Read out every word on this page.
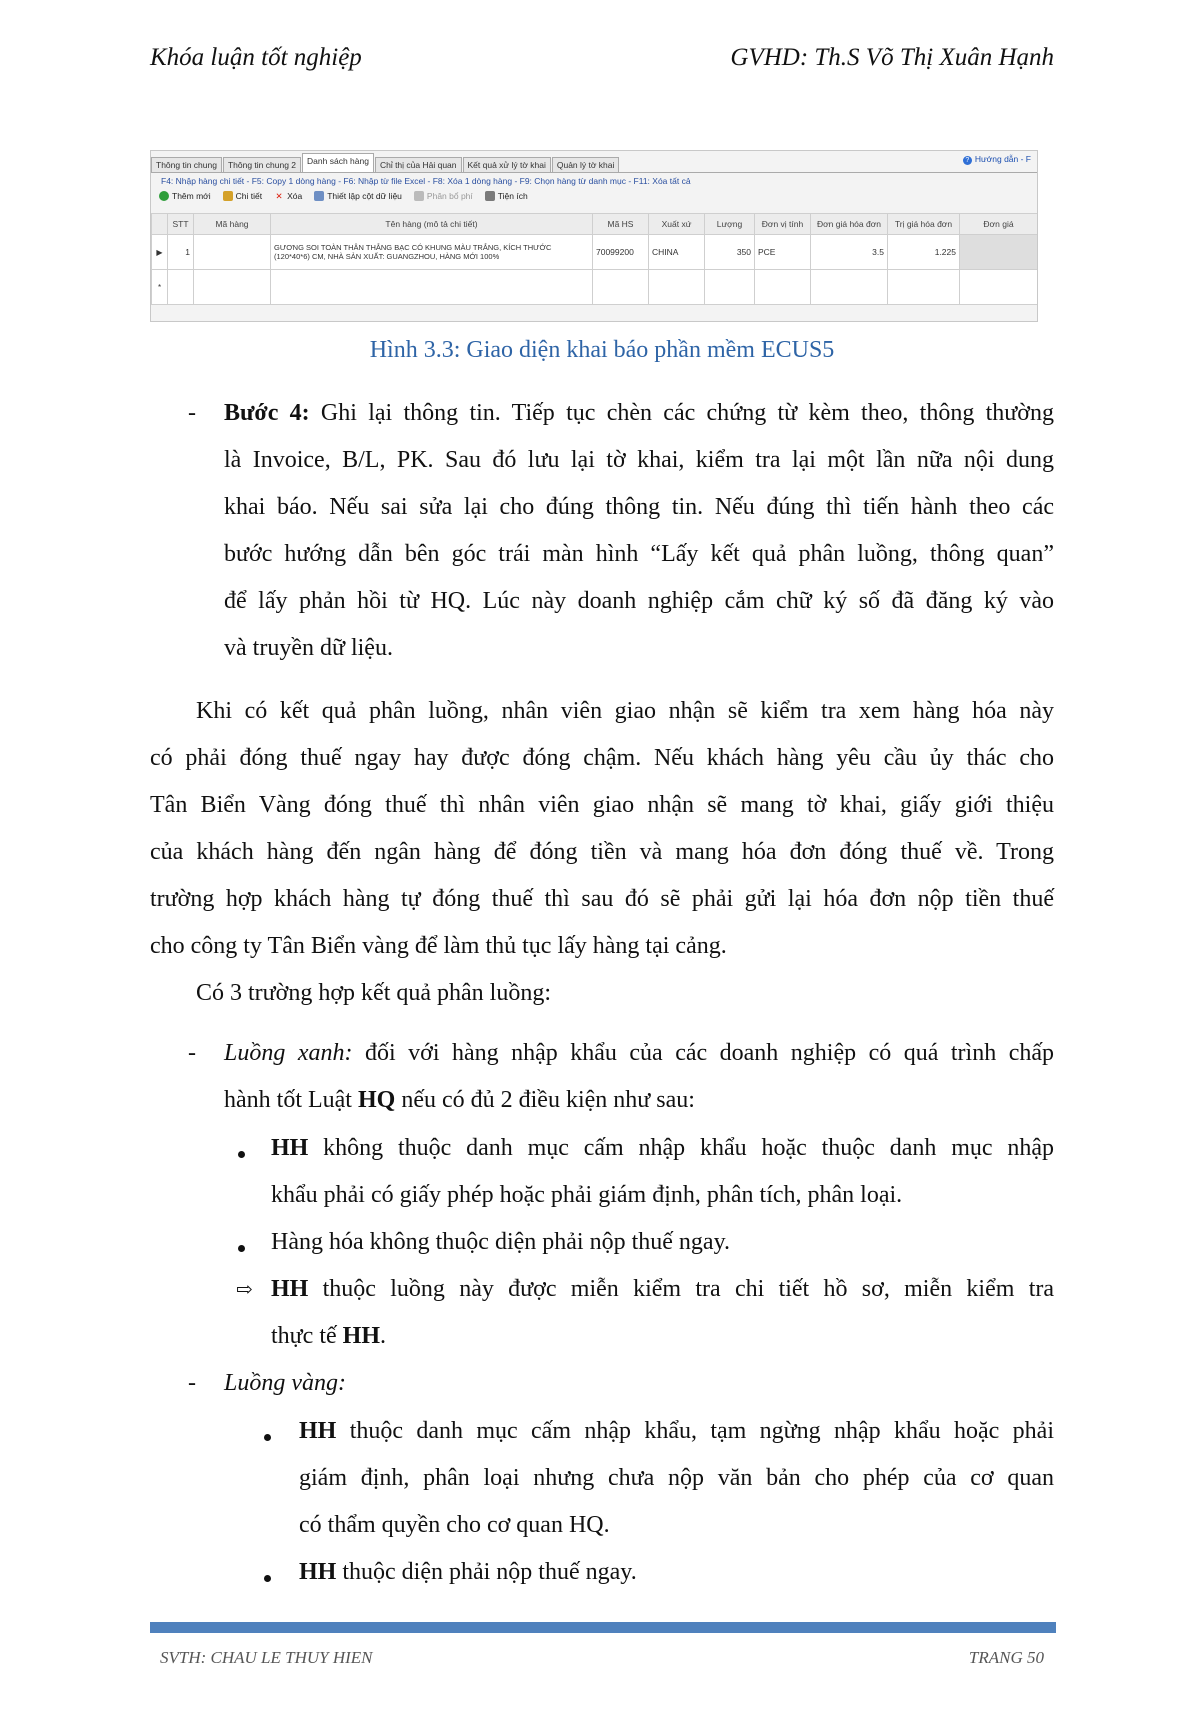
Khóa luận tốt nghiệp	GVHD: Th.S Võ Thị Xuân Hạnh
Thông tin chung	Thông tin chung 2	Danh sách hàng	Chỉ thị của Hải quan	Kết quả xử lý tờ khai	Quản lý tờ khai	? Hướng dẫn - F
F4: Nhập hàng chi tiết - F5: Copy 1 dòng hàng - F6: Nhập từ file Excel - F8: Xóa 1 dòng hàng - F9: Chọn hàng từ danh mục - F11: Xóa tất cả
Thêm mới	Chi tiết ✕ Xóa	Thiết lập cột dữ liệu	Phân bổ phí	Tiện ích
	STT	Mã hàng	Tên hàng (mô tả chi tiết)	Mã HS	Xuất xứ	Lượng	Đơn vị tính	Đơn giá hóa đơn	Trị giá hóa đơn	Đơn giá
▶	1		GƯƠNG SOI TOÀN THÂN THẲNG BẠC CÓ KHUNG MÀU TRẮNG, KÍCH THƯỚC (120*40*6) CM, NHÀ SẢN XUẤT: GUANGZHOU, HÀNG MỚI 100%	70099200	CHINA	350	PCE	3.5	1.225	
*										
Hình 3.3: Giao diện khai báo phần mềm ECUS5
- Bước 4: Ghi lại thông tin. Tiếp tục chèn các chứng từ kèm theo, thông thường
là Invoice, B/L, PK. Sau đó lưu lại tờ khai, kiểm tra lại một lần nữa nội dung
khai báo. Nếu sai sửa lại cho đúng thông tin. Nếu đúng thì tiến hành theo các
bước hướng dẫn bên góc trái màn hình “Lấy kết quả phân luồng, thông quan”
để lấy phản hồi từ HQ. Lúc này doanh nghiệp cắm chữ ký số đã đăng ký vào
và truyền dữ liệu.
Khi có kết quả phân luồng, nhân viên giao nhận sẽ kiểm tra xem hàng hóa này
có phải đóng thuế ngay hay được đóng chậm. Nếu khách hàng yêu cầu ủy thác cho
Tân Biển Vàng đóng thuế thì nhân viên giao nhận sẽ mang tờ khai, giấy giới thiệu
của khách hàng đến ngân hàng để đóng tiền và mang hóa đơn đóng thuế về. Trong
trường hợp khách hàng tự đóng thuế thì sau đó sẽ phải gửi lại hóa đơn nộp tiền thuế
cho công ty Tân Biển vàng để làm thủ tục lấy hàng tại cảng.
Có 3 trường hợp kết quả phân luồng:
- Luồng xanh: đối với hàng nhập khẩu của các doanh nghiệp có quá trình chấp
hành tốt Luật HQ nếu có đủ 2 điều kiện như sau:
HH không thuộc danh mục cấm nhập khẩu hoặc thuộc danh mục nhập
khẩu phải có giấy phép hoặc phải giám định, phân tích, phân loại.
Hàng hóa không thuộc diện phải nộp thuế ngay.
⇨ HH thuộc luồng này được miễn kiểm tra chi tiết hồ sơ, miễn kiểm tra
thực tế HH.
- Luồng vàng:
HH thuộc danh mục cấm nhập khẩu, tạm ngừng nhập khẩu hoặc phải
giám định, phân loại nhưng chưa nộp văn bản cho phép của cơ quan
có thẩm quyền cho cơ quan HQ.
HH thuộc diện phải nộp thuế ngay.
SVTH: CHAU LE THUY HIEN	TRANG 50
